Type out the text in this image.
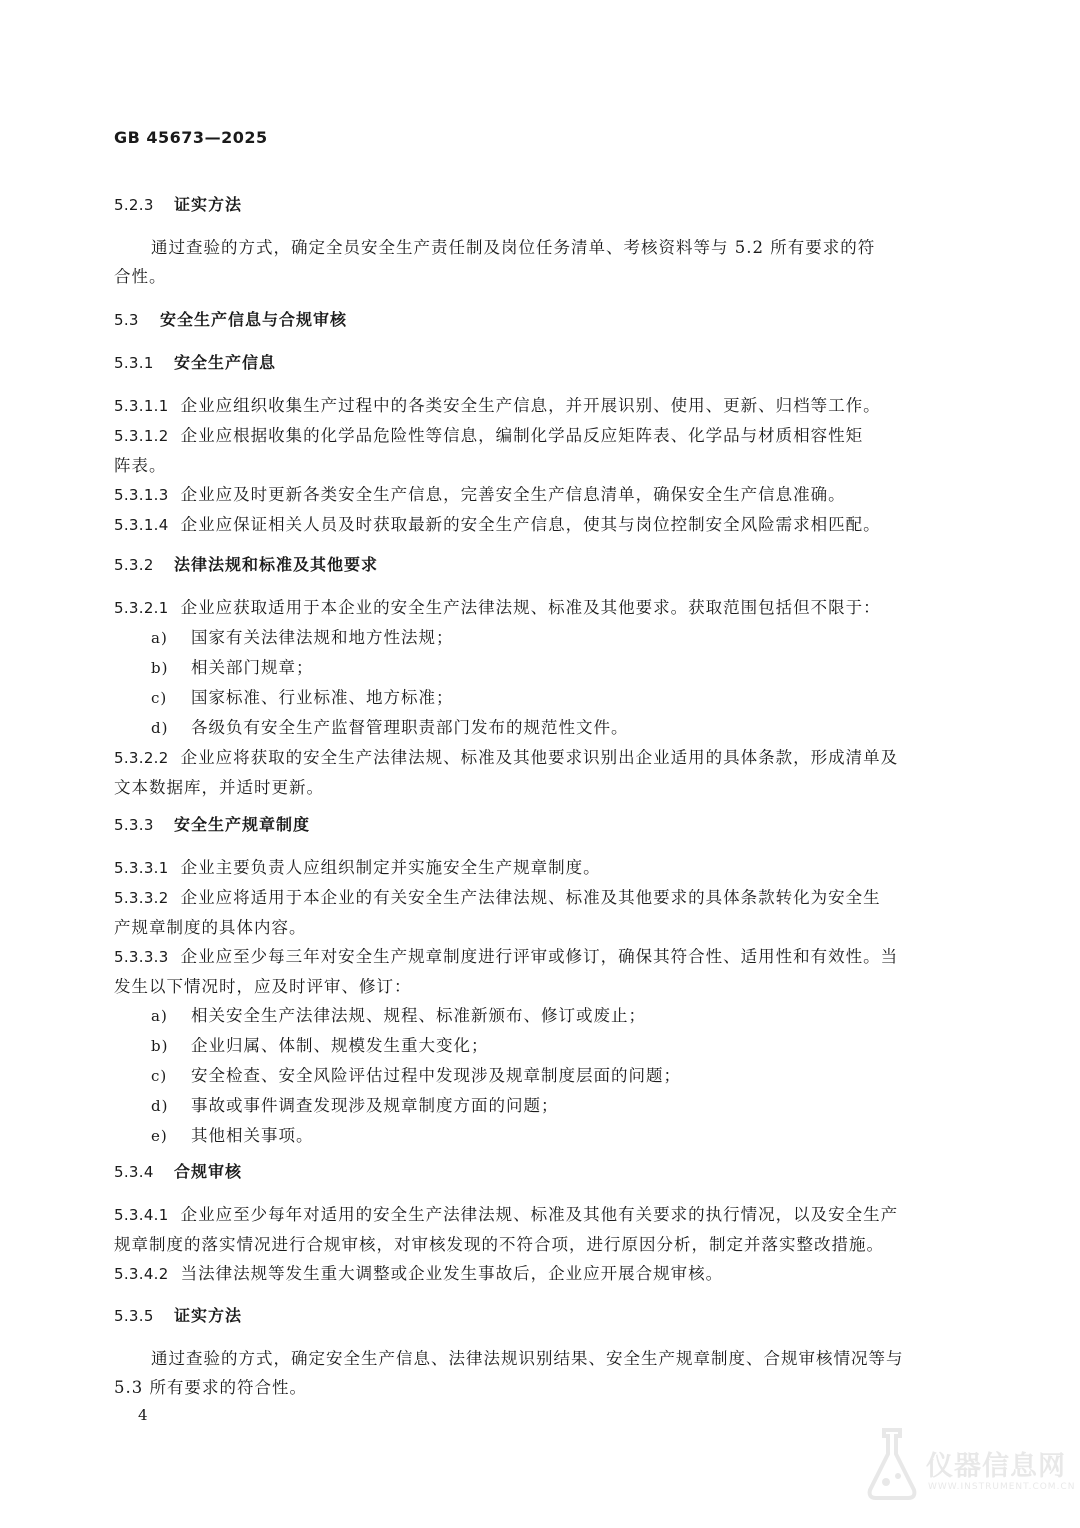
GB 45673—2025
5.2.3 证实方法
通过查验的方式，确定全员安全生产责任制及岗位任务清单、考核资料等与 5.2 所有要求的符
合性。
5.3 安全生产信息与合规审核
5.3.1 安全生产信息
5.3.1.1 企业应组织收集生产过程中的各类安全生产信息，并开展识别、使用、更新、归档等工作。
5.3.1.2 企业应根据收集的化学品危险性等信息，编制化学品反应矩阵表、化学品与材质相容性矩
阵表。
5.3.1.3 企业应及时更新各类安全生产信息，完善安全生产信息清单，确保安全生产信息准确。
5.3.1.4 企业应保证相关人员及时获取最新的安全生产信息，使其与岗位控制安全风险需求相匹配。
5.3.2 法律法规和标准及其他要求
5.3.2.1 企业应获取适用于本企业的安全生产法律法规、标准及其他要求。获取范围包括但不限于：
a) 国家有关法律法规和地方性法规；
b) 相关部门规章；
c) 国家标准、行业标准、地方标准；
d) 各级负有安全生产监督管理职责部门发布的规范性文件。
5.3.2.2 企业应将获取的安全生产法律法规、标准及其他要求识别出企业适用的具体条款，形成清单及
文本数据库，并适时更新。
5.3.3 安全生产规章制度
5.3.3.1 企业主要负责人应组织制定并实施安全生产规章制度。
5.3.3.2 企业应将适用于本企业的有关安全生产法律法规、标准及其他要求的具体条款转化为安全生
产规章制度的具体内容。
5.3.3.3 企业应至少每三年对安全生产规章制度进行评审或修订，确保其符合性、适用性和有效性。当
发生以下情况时，应及时评审、修订：
a) 相关安全生产法律法规、规程、标准新颁布、修订或废止；
b) 企业归属、体制、规模发生重大变化；
c) 安全检查、安全风险评估过程中发现涉及规章制度层面的问题；
d) 事故或事件调查发现涉及规章制度方面的问题；
e) 其他相关事项。
5.3.4 合规审核
5.3.4.1 企业应至少每年对适用的安全生产法律法规、标准及其他有关要求的执行情况，以及安全生产
规章制度的落实情况进行合规审核，对审核发现的不符合项，进行原因分析，制定并落实整改措施。
5.3.4.2 当法律法规等发生重大调整或企业发生事故后，企业应开展合规审核。
5.3.5 证实方法
通过查验的方式，确定安全生产信息、法律法规识别结果、安全生产规章制度、合规审核情况等与
5.3 所有要求的符合性。
4
仪器信息网
WWW.INSTRUMENT.COM.CN
